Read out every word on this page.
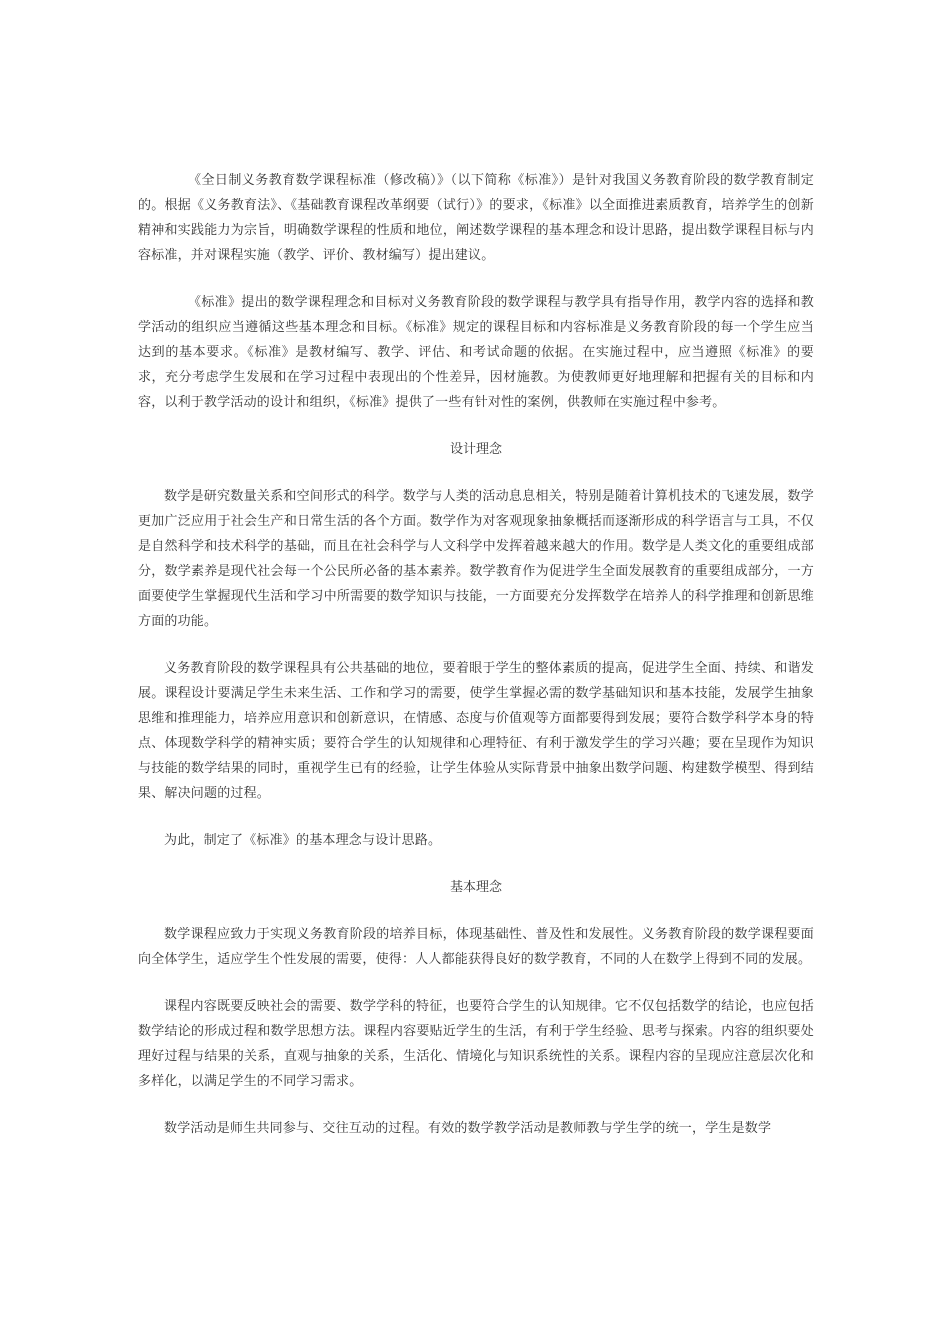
《全日制义务教育数学课程标准（修改稿）》（以下简称《标准》）是针对我国义务教育阶段的数学教育制定的。根据《义务教育法》、《基础教育课程改革纲要（试行）》的要求，《标准》以全面推进素质教育，培养学生的创新精神和实践能力为宗旨，明确数学课程的性质和地位，阐述数学课程的基本理念和设计思路，提出数学课程目标与内容标准，并对课程实施（教学、评价、教材编写）提出建议。

《标准》提出的数学课程理念和目标对义务教育阶段的数学课程与教学具有指导作用，教学内容的选择和教学活动的组织应当遵循这些基本理念和目标。《标准》规定的课程目标和内容标准是义务教育阶段的每一个学生应当达到的基本要求。《标准》是教材编写、教学、评估、和考试命题的依据。在实施过程中，应当遵照《标准》的要求，充分考虑学生发展和在学习过程中表现出的个性差异，因材施教。为使教师更好地理解和把握有关的目标和内容，以利于教学活动的设计和组织，《标准》提供了一些有针对性的案例，供教师在实施过程中参考。

设计理念

数学是研究数量关系和空间形式的科学。数学与人类的活动息息相关，特别是随着计算机技术的飞速发展，数学更加广泛应用于社会生产和日常生活的各个方面。数学作为对客观现象抽象概括而逐渐形成的科学语言与工具，不仅是自然科学和技术科学的基础，而且在社会科学与人文科学中发挥着越来越大的作用。数学是人类文化的重要组成部分，数学素养是现代社会每一个公民所必备的基本素养。数学教育作为促进学生全面发展教育的重要组成部分，一方面要使学生掌握现代生活和学习中所需要的数学知识与技能，一方面要充分发挥数学在培养人的科学推理和创新思维方面的功能。

义务教育阶段的数学课程具有公共基础的地位，要着眼于学生的整体素质的提高，促进学生全面、持续、和谐发展。课程设计要满足学生未来生活、工作和学习的需要，使学生掌握必需的数学基础知识和基本技能，发展学生抽象思维和推理能力，培养应用意识和创新意识，在情感、态度与价值观等方面都要得到发展；要符合数学科学本身的特点、体现数学科学的精神实质；要符合学生的认知规律和心理特征、有利于激发学生的学习兴趣；要在呈现作为知识与技能的数学结果的同时，重视学生已有的经验，让学生体验从实际背景中抽象出数学问题、构建数学模型、得到结果、解决问题的过程。

为此，制定了《标准》的基本理念与设计思路。

基本理念

数学课程应致力于实现义务教育阶段的培养目标，体现基础性、普及性和发展性。义务教育阶段的数学课程要面向全体学生，适应学生个性发展的需要，使得：人人都能获得良好的数学教育，不同的人在数学上得到不同的发展。

课程内容既要反映社会的需要、数学学科的特征，也要符合学生的认知规律。它不仅包括数学的结论，也应包括数学结论的形成过程和数学思想方法。课程内容要贴近学生的生活，有利于学生经验、思考与探索。内容的组织要处理好过程与结果的关系，直观与抽象的关系，生活化、情境化与知识系统性的关系。课程内容的呈现应注意层次化和多样化，以满足学生的不同学习需求。

数学活动是师生共同参与、交往互动的过程。有效的数学教学活动是教师教与学生学的统一，学生是数学
